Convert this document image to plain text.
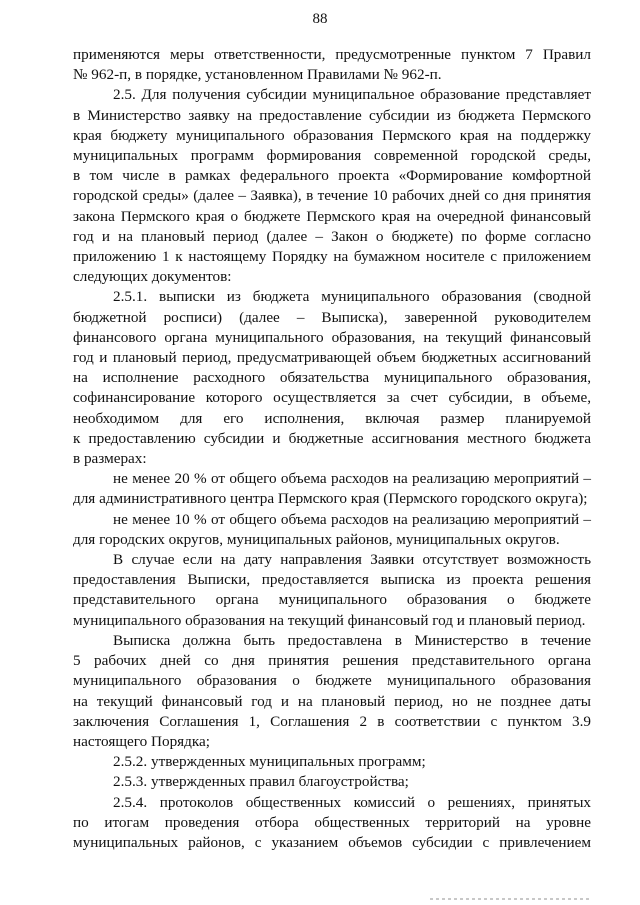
88

применяются меры ответственности, предусмотренные пунктом 7 Правил

№ 962-п, в порядке, установленном Правилами № 962-п.

2.5. Для получения субсидии муниципальное образование представляет

в Министерство заявку на предоставление субсидии из бюджета Пермского

края бюджету муниципального образования Пермского края на поддержку

муниципальных программ формирования современной городской среды,

в том числе в рамках федерального проекта «Формирование комфортной

городской среды» (далее – Заявка), в течение 10 рабочих дней со дня принятия

закона Пермского края о бюджете Пермского края на очередной финансовый

год и на плановый период (далее – Закон о бюджете) по форме согласно

приложению 1 к настоящему Порядку на бумажном носителе с приложением

следующих документов:

2.5.1. выписки из бюджета муниципального образования (сводной

бюджетной росписи) (далее – Выписка), заверенной руководителем

финансового органа муниципального образования, на текущий финансовый

год и плановый период, предусматривающей объем бюджетных ассигнований

на исполнение расходного обязательства муниципального образования,

софинансирование которого осуществляется за счет субсидии, в объеме,

необходимом для его исполнения, включая размер планируемой

к предоставлению субсидии и бюджетные ассигнования местного бюджета

в размерах:

не менее 20 % от общего объема расходов на реализацию мероприятий –

для административного центра Пермского края (Пермского городского округа);

не менее 10 % от общего объема расходов на реализацию мероприятий –

для городских округов, муниципальных районов, муниципальных округов.

В случае если на дату направления Заявки отсутствует возможность

предоставления Выписки, предоставляется выписка из проекта решения

представительного органа муниципального образования о бюджете

муниципального образования на текущий финансовый год и плановый период.

Выписка должна быть предоставлена в Министерство в течение

5 рабочих дней со дня принятия решения представительного органа

муниципального образования о бюджете муниципального образования

на текущий финансовый год и на плановый период, но не позднее даты

заключения Соглашения 1, Соглашения 2 в соответствии с пунктом 3.9

настоящего Порядка;

2.5.2. утвержденных муниципальных программ;

2.5.3. утвержденных правил благоустройства;

2.5.4. протоколов общественных комиссий о решениях, принятых

по итогам проведения отбора общественных территорий на уровне

муниципальных районов, с указанием объемов субсидии с привлечением
